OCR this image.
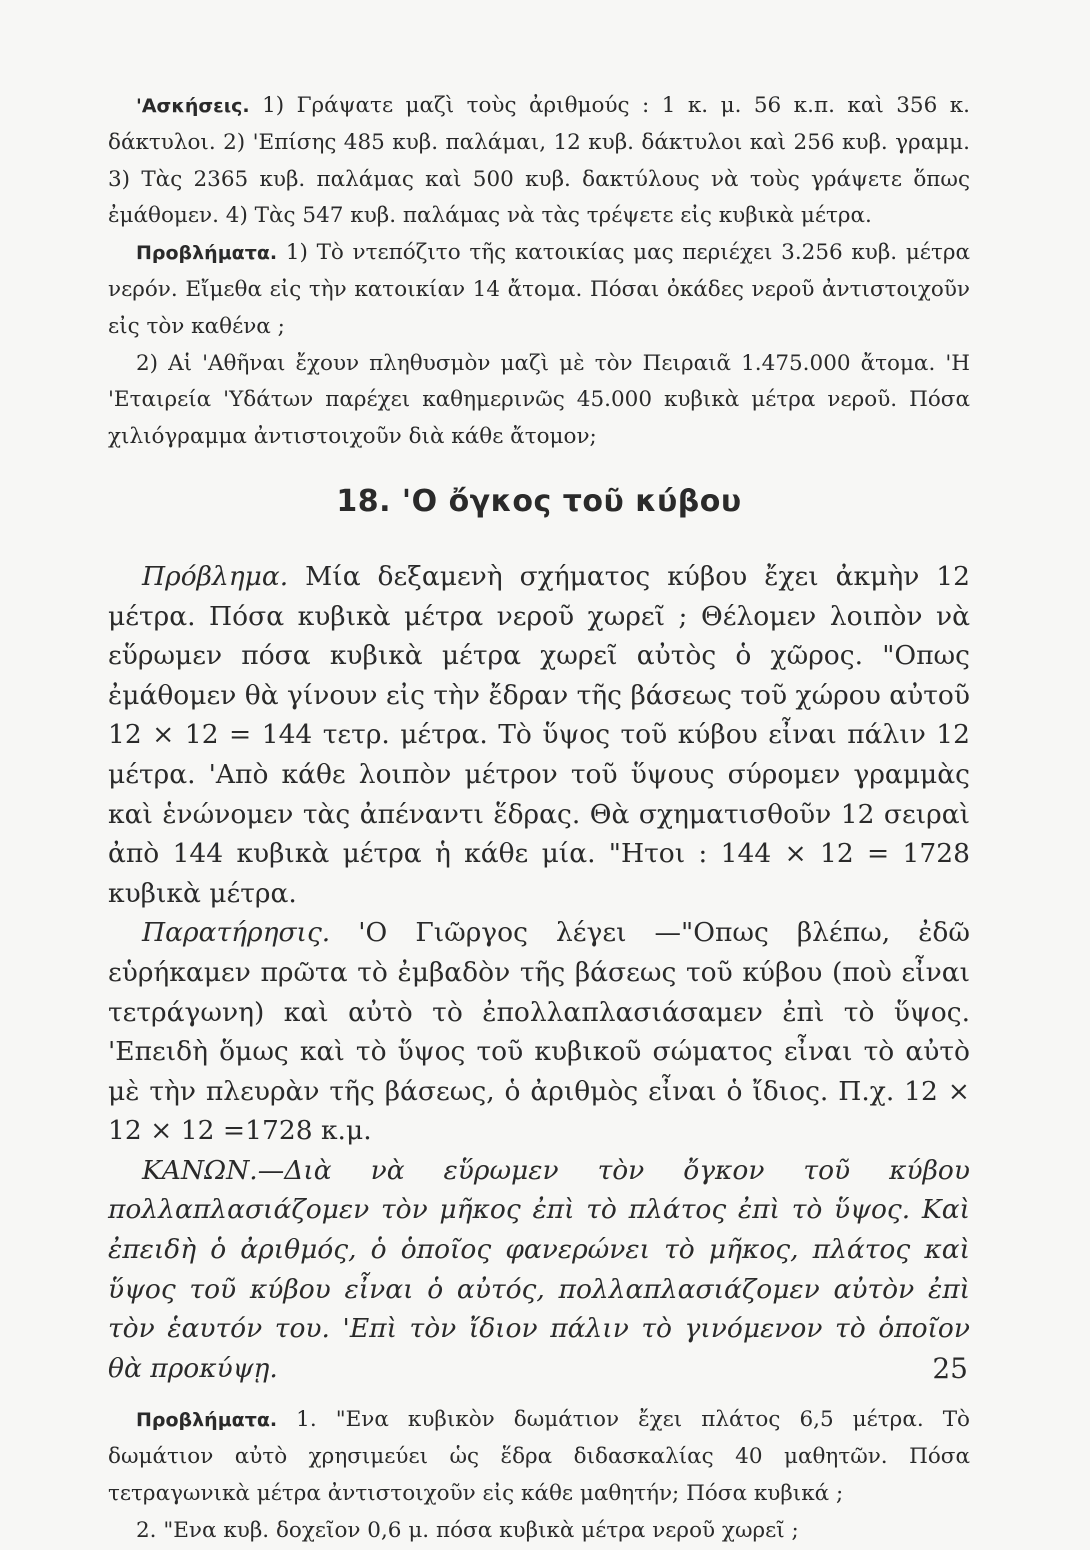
'Ασκήσεις. 1) Γράψατε μαζὶ τοὺς ἀριθμούς : 1 κ. μ. 56 κ.π. καὶ 356 κ. δάκτυλοι. 2) 'Επίσης 485 κυβ. παλάμαι, 12 κυβ. δάκτυλοι καὶ 256 κυβ. γραμμ. 3) Τὰς 2365 κυβ. παλάμας καὶ 500 κυβ. δακτύλους νὰ τοὺς γράψετε ὅπως ἐμάθομεν. 4) Τὰς 547 κυβ. παλάμας νὰ τὰς τρέψετε εἰς κυβικὰ μέτρα.

Προβλήματα. 1) Τὸ ντεπόζιτο τῆς κατοικίας μας περιέχει 3.256 κυβ. μέτρα νερόν. Εἴμεθα εἰς τὴν κατοικίαν 14 ἄτομα. Πόσαι ὀκάδες νεροῦ ἀντιστοιχοῦν εἰς τὸν καθένα ;

2) Αἱ 'Αθῆναι ἔχουν πληθυσμὸν μαζὶ μὲ τὸν Πειραιᾶ 1.475.000 ἄτομα. 'Η 'Εταιρεία 'Υδάτων παρέχει καθημερινῶς 45.000 κυβικὰ μέτρα νεροῦ. Πόσα χιλιόγραμμα ἀντιστοιχοῦν διὰ κάθε ἄτομον;

18. 'Ο ὄγκος τοῦ κύβου

Πρόβλημα. Μία δεξαμενὴ σχήματος κύβου ἔχει ἀκμὴν 12 μέτρα. Πόσα κυβικὰ μέτρα νεροῦ χωρεῖ ; Θέλομεν λοιπὸν νὰ εὕρωμεν πόσα κυβικὰ μέτρα χωρεῖ αὐτὸς ὁ χῶρος. "Οπως ἐμάθομεν θὰ γίνουν εἰς τὴν ἔδραν τῆς βάσεως τοῦ χώρου αὐτοῦ 12 × 12 = 144 τετρ. μέτρα. Τὸ ὕψος τοῦ κύβου εἶναι πάλιν 12 μέτρα. 'Απὸ κάθε λοιπὸν μέτρον τοῦ ὕψους σύρομεν γραμμὰς καὶ ἑνώνομεν τὰς ἀπέναντι ἕδρας. Θὰ σχηματισθοῦν 12 σειραὶ ἀπὸ 144 κυβικὰ μέτρα ἡ κάθε μία. "Ητοι : 144 × 12 = 1728 κυβικὰ μέτρα.

Παρατήρησις. 'Ο Γιῶργος λέγει —"Οπως βλέπω, ἐδῶ εὑρήκαμεν πρῶτα τὸ ἐμβαδὸν τῆς βάσεως τοῦ κύβου (ποὺ εἶναι τετράγωνη) καὶ αὐτὸ τὸ ἐπολλαπλασιάσαμεν ἐπὶ τὸ ὕψος. 'Επειδὴ ὅμως καὶ τὸ ὕψος τοῦ κυβικοῦ σώματος εἶναι τὸ αὐτὸ μὲ τὴν πλευρὰν τῆς βάσεως, ὁ ἀριθμὸς εἶναι ὁ ἴδιος. Π.χ. 12 × 12 × 12 =1728 κ.μ.

ΚΑΝΩΝ.—Διὰ νὰ εὕρωμεν τὸν ὄγκον τοῦ κύβου πολλαπλασιάζομεν τὸν μῆκος ἐπὶ τὸ πλάτος ἐπὶ τὸ ὕψος. Καὶ ἐπειδὴ ὁ ἀριθμός, ὁ ὁποῖος φανερώνει τὸ μῆκος, πλάτος καὶ ὕψος τοῦ κύβου εἶναι ὁ αὐτός, πολλαπλασιάζομεν αὐτὸν ἐπὶ τὸν ἑαυτόν του. 'Επὶ τὸν ἴδιον πάλιν τὸ γινόμενον τὸ ὁποῖον θὰ προκύψῃ.

Προβλήματα. 1. "Ενα κυβικὸν δωμάτιον ἔχει πλάτος 6,5 μέτρα. Τὸ δωμάτιον αὐτὸ χρησιμεύει ὡς ἕδρα διδασκαλίας 40 μαθητῶν. Πόσα τετραγωνικὰ μέτρα ἀντιστοιχοῦν εἰς κάθε μαθητήν; Πόσα κυβικά ;

2. "Ενα κυβ. δοχεῖον 0,6 μ. πόσα κυβικὰ μέτρα νεροῦ χωρεῖ ;

25
